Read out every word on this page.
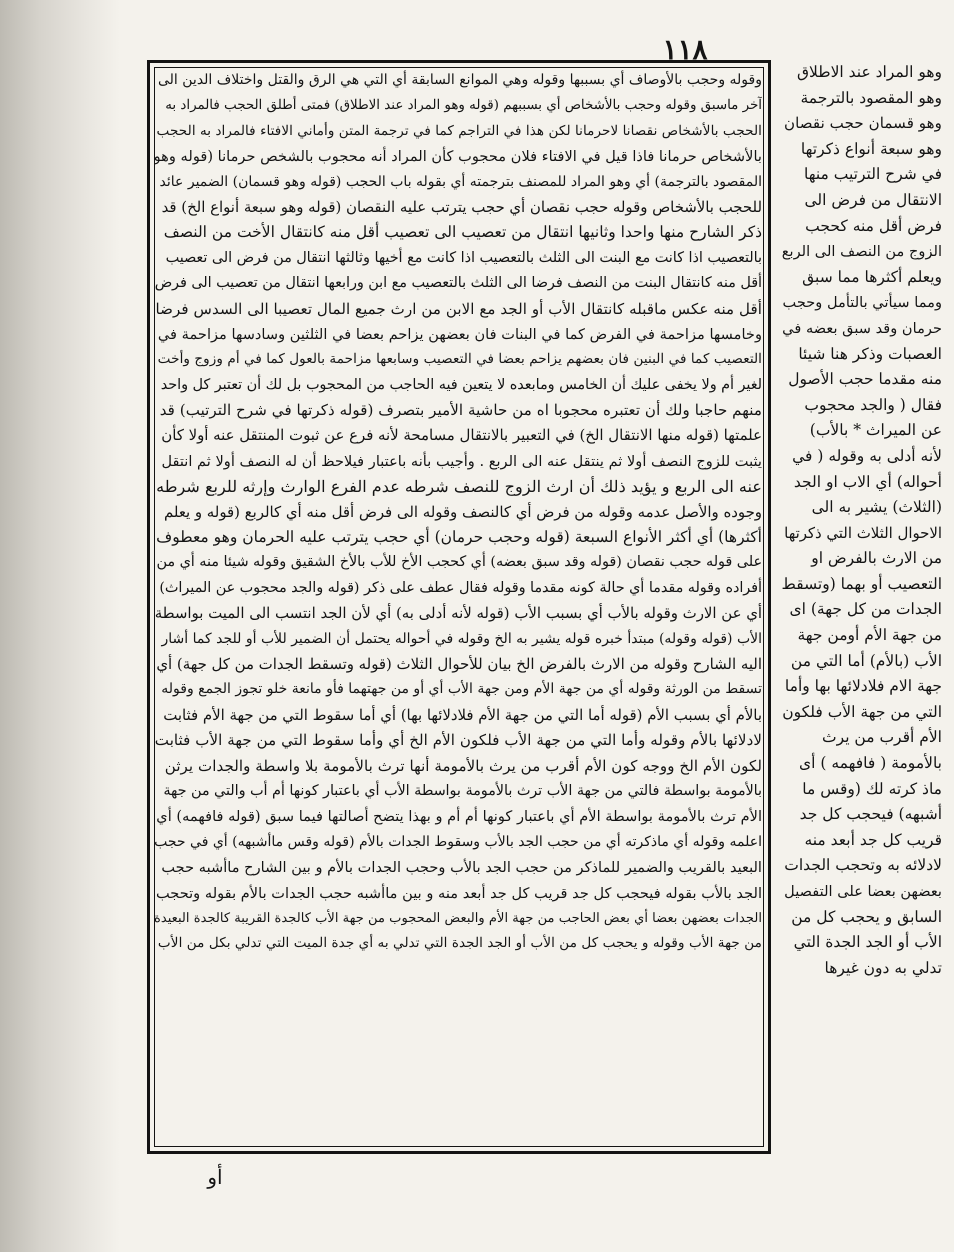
١١٨

وقوله وحجب بالأوصاف أي بسببها وقوله وهي الموانع السابقة أي التي هي الرق والقتل واختلاف الدين الى

آخر ماسبق وقوله وحجب بالأشخاص أي بسببهم (قوله وهو المراد عند الاطلاق) فمتى أطلق الحجب فالمراد به

الحجب بالأشخاص نقصانا لاحرمانا لكن هذا في التراجم كما في ترجمة المتن وأماني الافتاء فالمراد به الحجب

بالأشخاص حرمانا فاذا قيل في الافتاء فلان محجوب كأن المراد أنه محجوب بالشخص حرمانا (قوله وهو

المقصود بالترجمة) أي وهو المراد للمصنف بترجمته أي بقوله باب الحجب (قوله وهو قسمان) الضمير عائد

للحجب بالأشخاص وقوله حجب نقصان أي حجب يترتب عليه النقصان (قوله وهو سبعة أنواع الخ) قد

ذكر الشارح منها واحدا وثانيها انتقال من تعصيب الى تعصيب أقل منه كانتقال الأخت من النصف

بالتعصيب اذا كانت مع البنت الى الثلث بالتعصيب اذا كانت مع أخيها وثالثها انتقال من فرض الى تعصيب

أقل منه كانتقال البنت من النصف فرضا الى الثلث بالتعصيب مع ابن ورابعها انتقال من تعصيب الى فرض

أقل منه عكس ماقبله كانتقال الأب أو الجد مع الابن من ارث جميع المال تعصيبا الى السدس فرضا

وخامسها مزاحمة في الفرض كما في البنات فان بعضهن يزاحم بعضا في الثلثين وسادسها مزاحمة في

التعصيب كما في البنين فان بعضهم يزاحم بعضا في التعصيب وسابعها مزاحمة بالعول كما في أم وزوج وأخت

لغير أم ولا يخفى عليك أن الخامس ومابعده لا يتعين فيه الحاجب من المحجوب بل لك أن تعتبر كل واحد

منهم حاجبا ولك أن تعتبره محجوبا اه من حاشية الأمير بتصرف (قوله ذكرتها في شرح الترتيب) قد

علمتها (قوله منها الانتقال الخ) في التعبير بالانتقال مسامحة لأنه فرع عن ثبوت المنتقل عنه أولا كأن

يثبت للزوج النصف أولا ثم ينتقل عنه الى الربع . وأجيب بأنه باعتبار فيلاحظ أن له النصف أولا ثم انتقل

عنه الى الربع و يؤيد ذلك أن ارث الزوج للنصف شرطه عدم الفرع الوارث وإرثه للربع شرطه

وجوده والأصل عدمه وقوله من فرض أي كالنصف وقوله الى فرض أقل منه أي كالربع (قوله و يعلم

أكثرها) أي أكثر الأنواع السبعة (قوله وحجب حرمان) أي حجب يترتب عليه الحرمان وهو معطوف

على قوله حجب نقصان (قوله وقد سبق بعضه) أي كحجب الأخ للأب بالأخ الشقيق وقوله شيئا منه أي من

أفراده وقوله مقدما أي حالة كونه مقدما وقوله فقال عطف على ذكر (قوله والجد محجوب عن الميراث)

أي عن الارث وقوله بالأب أي بسبب الأب (قوله لأنه أدلى به) أي لأن الجد انتسب الى الميت بواسطة

الأب (قوله وقوله) مبتدأ خبره قوله يشير به الخ وقوله في أحواله يحتمل أن الضمير للأب أو للجد كما أشار

اليه الشارح وقوله من الارث بالفرض الخ بيان للأحوال الثلاث (قوله وتسقط الجدات من كل جهة) أي

تسقط من الورثة وقوله أي من جهة الأم ومن جهة الأب أي أو من جهتهما فأو مانعة خلو تجوز الجمع وقوله

بالأم أي بسبب الأم (قوله أما التي من جهة الأم فلادلائها بها) أي أما سقوط التي من جهة الأم فثابت

لادلائها بالأم وقوله وأما التي من جهة الأب فلكون الأم الخ أي وأما سقوط التي من جهة الأب فثابت

لكون الأم الخ ووجه كون الأم أقرب من يرث بالأمومة أنها ترث بالأمومة بلا واسطة والجدات يرثن

بالأمومة بواسطة فالتي من جهة الأب ترث بالأمومة بواسطة الأب أي باعتبار كونها أم أب والتي من جهة

الأم ترث بالأمومة بواسطة الأم أي باعتبار كونها أم أم و بهذا يتضح أصالتها فيما سبق (قوله فافهمه) أي

اعلمه وقوله أي ماذكرته أي من حجب الجد بالأب وسقوط الجدات بالأم (قوله وقس ماأشبهه) أي في حجب

البعيد بالقريب والضمير للماذكر من حجب الجد بالأب وحجب الجدات بالأم و بين الشارح ماأشبه حجب

الجد بالأب بقوله فيحجب كل جد قريب كل جد أبعد منه و بين ماأشبه حجب الجدات بالأم بقوله وتحجب

الجدات بعضهن بعضا أي بعض الحاجب من جهة الأم والبعض المحجوب من جهة الأب كالجدة القريبة كالجدة البعيدة

من جهة الأب وقوله و يحجب كل من الأب أو الجد الجدة التي تدلي به أي جدة الميت التي تدلي بكل من الأب

وهو المراد عند الاطلاق

وهو المقصود بالترجمة

وهو قسمان حجب نقصان

وهو سبعة أنواع ذكرتها

في شرح الترتيب منها

الانتقال من فرض الى

فرض أقل منه كحجب

الزوج من النصف الى الربع

ويعلم أكثرها مما سبق

ومما سيأتي بالتأمل وحجب

حرمان وقد سبق بعضه في

العصبات وذكر هنا شيئا

منه مقدما حجب الأصول

فقال ( والجد محجوب

عن الميراث * بالأب)

لأنه أدلى به وقوله ( في

أحواله) أي الاب او الجد

(الثلاث) يشير به الى

الاحوال الثلاث التي ذكرتها

من الارث بالفرض او

التعصيب أو بهما (وتسقط

الجدات من كل جهة) اى

من جهة الأم أومن جهة

الأب (بالأم) أما التي من

جهة الام فلادلائها بها وأما

التي من جهة الأب فلكون

الأم أقرب من يرث

بالأمومة ( فافهمه ) أى

ماذ كرته لك (وقس ما

أشبهه) فيحجب كل جد

قريب كل جد أبعد منه

لادلائه به وتحجب الجدات

بعضهن بعضا على التفصيل

السابق و يحجب كل من

الأب أو الجد الجدة التي

تدلي به دون غيرها

أو
